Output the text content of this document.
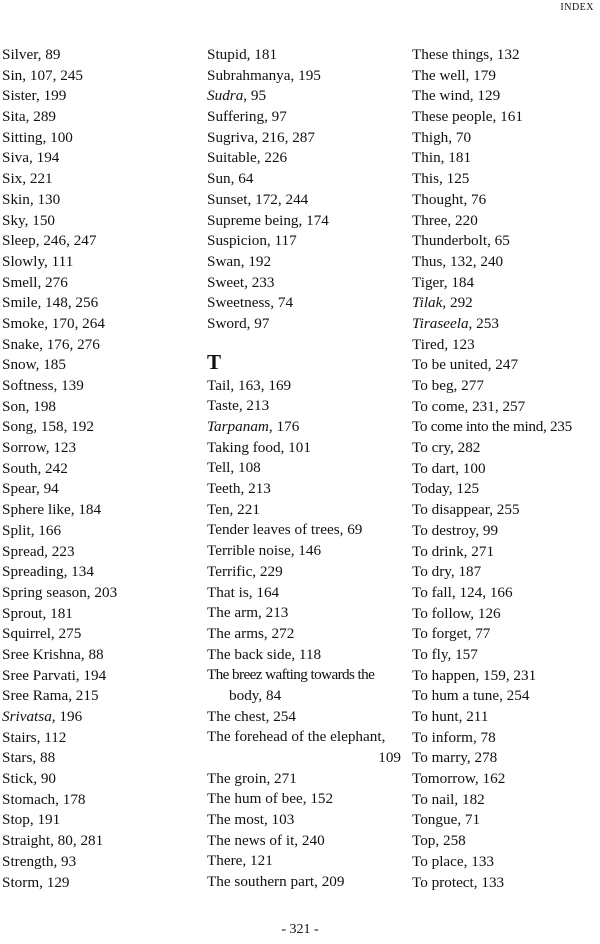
INDEX
Silver, 89
Sin, 107, 245
Sister, 199
Sita, 289
Sitting, 100
Siva, 194
Six, 221
Skin, 130
Sky, 150
Sleep, 246, 247
Slowly, 111
Smell, 276
Smile, 148, 256
Smoke, 170, 264
Snake, 176, 276
Snow, 185
Softness, 139
Son, 198
Song, 158, 192
Sorrow, 123
South, 242
Spear, 94
Sphere like, 184
Split, 166
Spread, 223
Spreading, 134
Spring season, 203
Sprout, 181
Squirrel, 275
Sree Krishna, 88
Sree Parvati, 194
Sree Rama, 215
Srivatsa, 196
Stairs, 112
Stars, 88
Stick, 90
Stomach, 178
Stop, 191
Straight, 80, 281
Strength, 93
Storm, 129
Stupid, 181
Subrahmanya, 195
Sudra, 95
Suffering, 97
Sugriva, 216, 287
Suitable, 226
Sun, 64
Sunset, 172, 244
Supreme being, 174
Suspicion, 117
Swan, 192
Sweet, 233
Sweetness, 74
Sword, 97
T
Tail, 163, 169
Taste, 213
Tarpanam, 176
Taking food, 101
Tell, 108
Teeth, 213
Ten, 221
Tender leaves of trees, 69
Terrible noise, 146
Terrific, 229
That is, 164
The arm, 213
The arms, 272
The back side, 118
The breez wafting towards the
body, 84
The chest, 254
The forehead of the elephant,
109
The groin, 271
The hum of bee, 152
The most, 103
The news of it, 240
There, 121
The southern part, 209
These things, 132
The well, 179
The wind, 129
These people, 161
Thigh, 70
Thin, 181
This, 125
Thought, 76
Three, 220
Thunderbolt, 65
Thus, 132, 240
Tiger, 184
Tilak, 292
Tiraseela, 253
Tired, 123
To be united, 247
To beg, 277
To come, 231, 257
To come into the mind, 235
To cry, 282
To dart, 100
Today, 125
To disappear, 255
To destroy, 99
To drink, 271
To dry, 187
To fall, 124, 166
To follow, 126
To forget, 77
To fly, 157
To happen, 159, 231
To hum a tune, 254
To hunt, 211
To inform, 78
To marry, 278
Tomorrow, 162
To nail, 182
Tongue, 71
Top, 258
To place, 133
To protect, 133
- 321 -
